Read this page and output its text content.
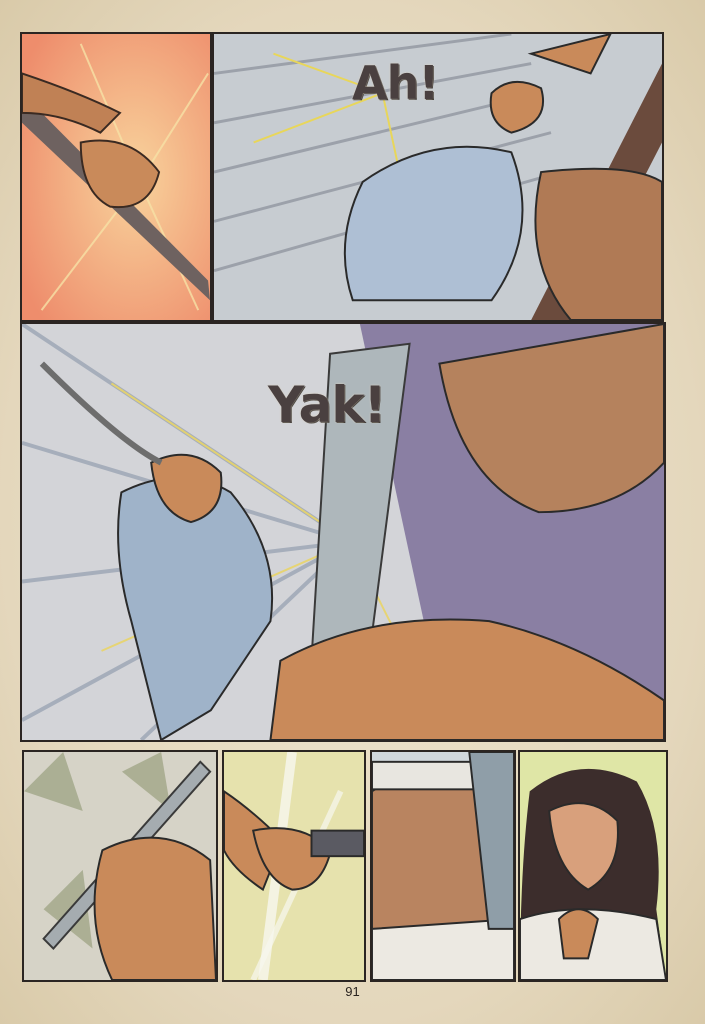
Ah!
Yak!
91
